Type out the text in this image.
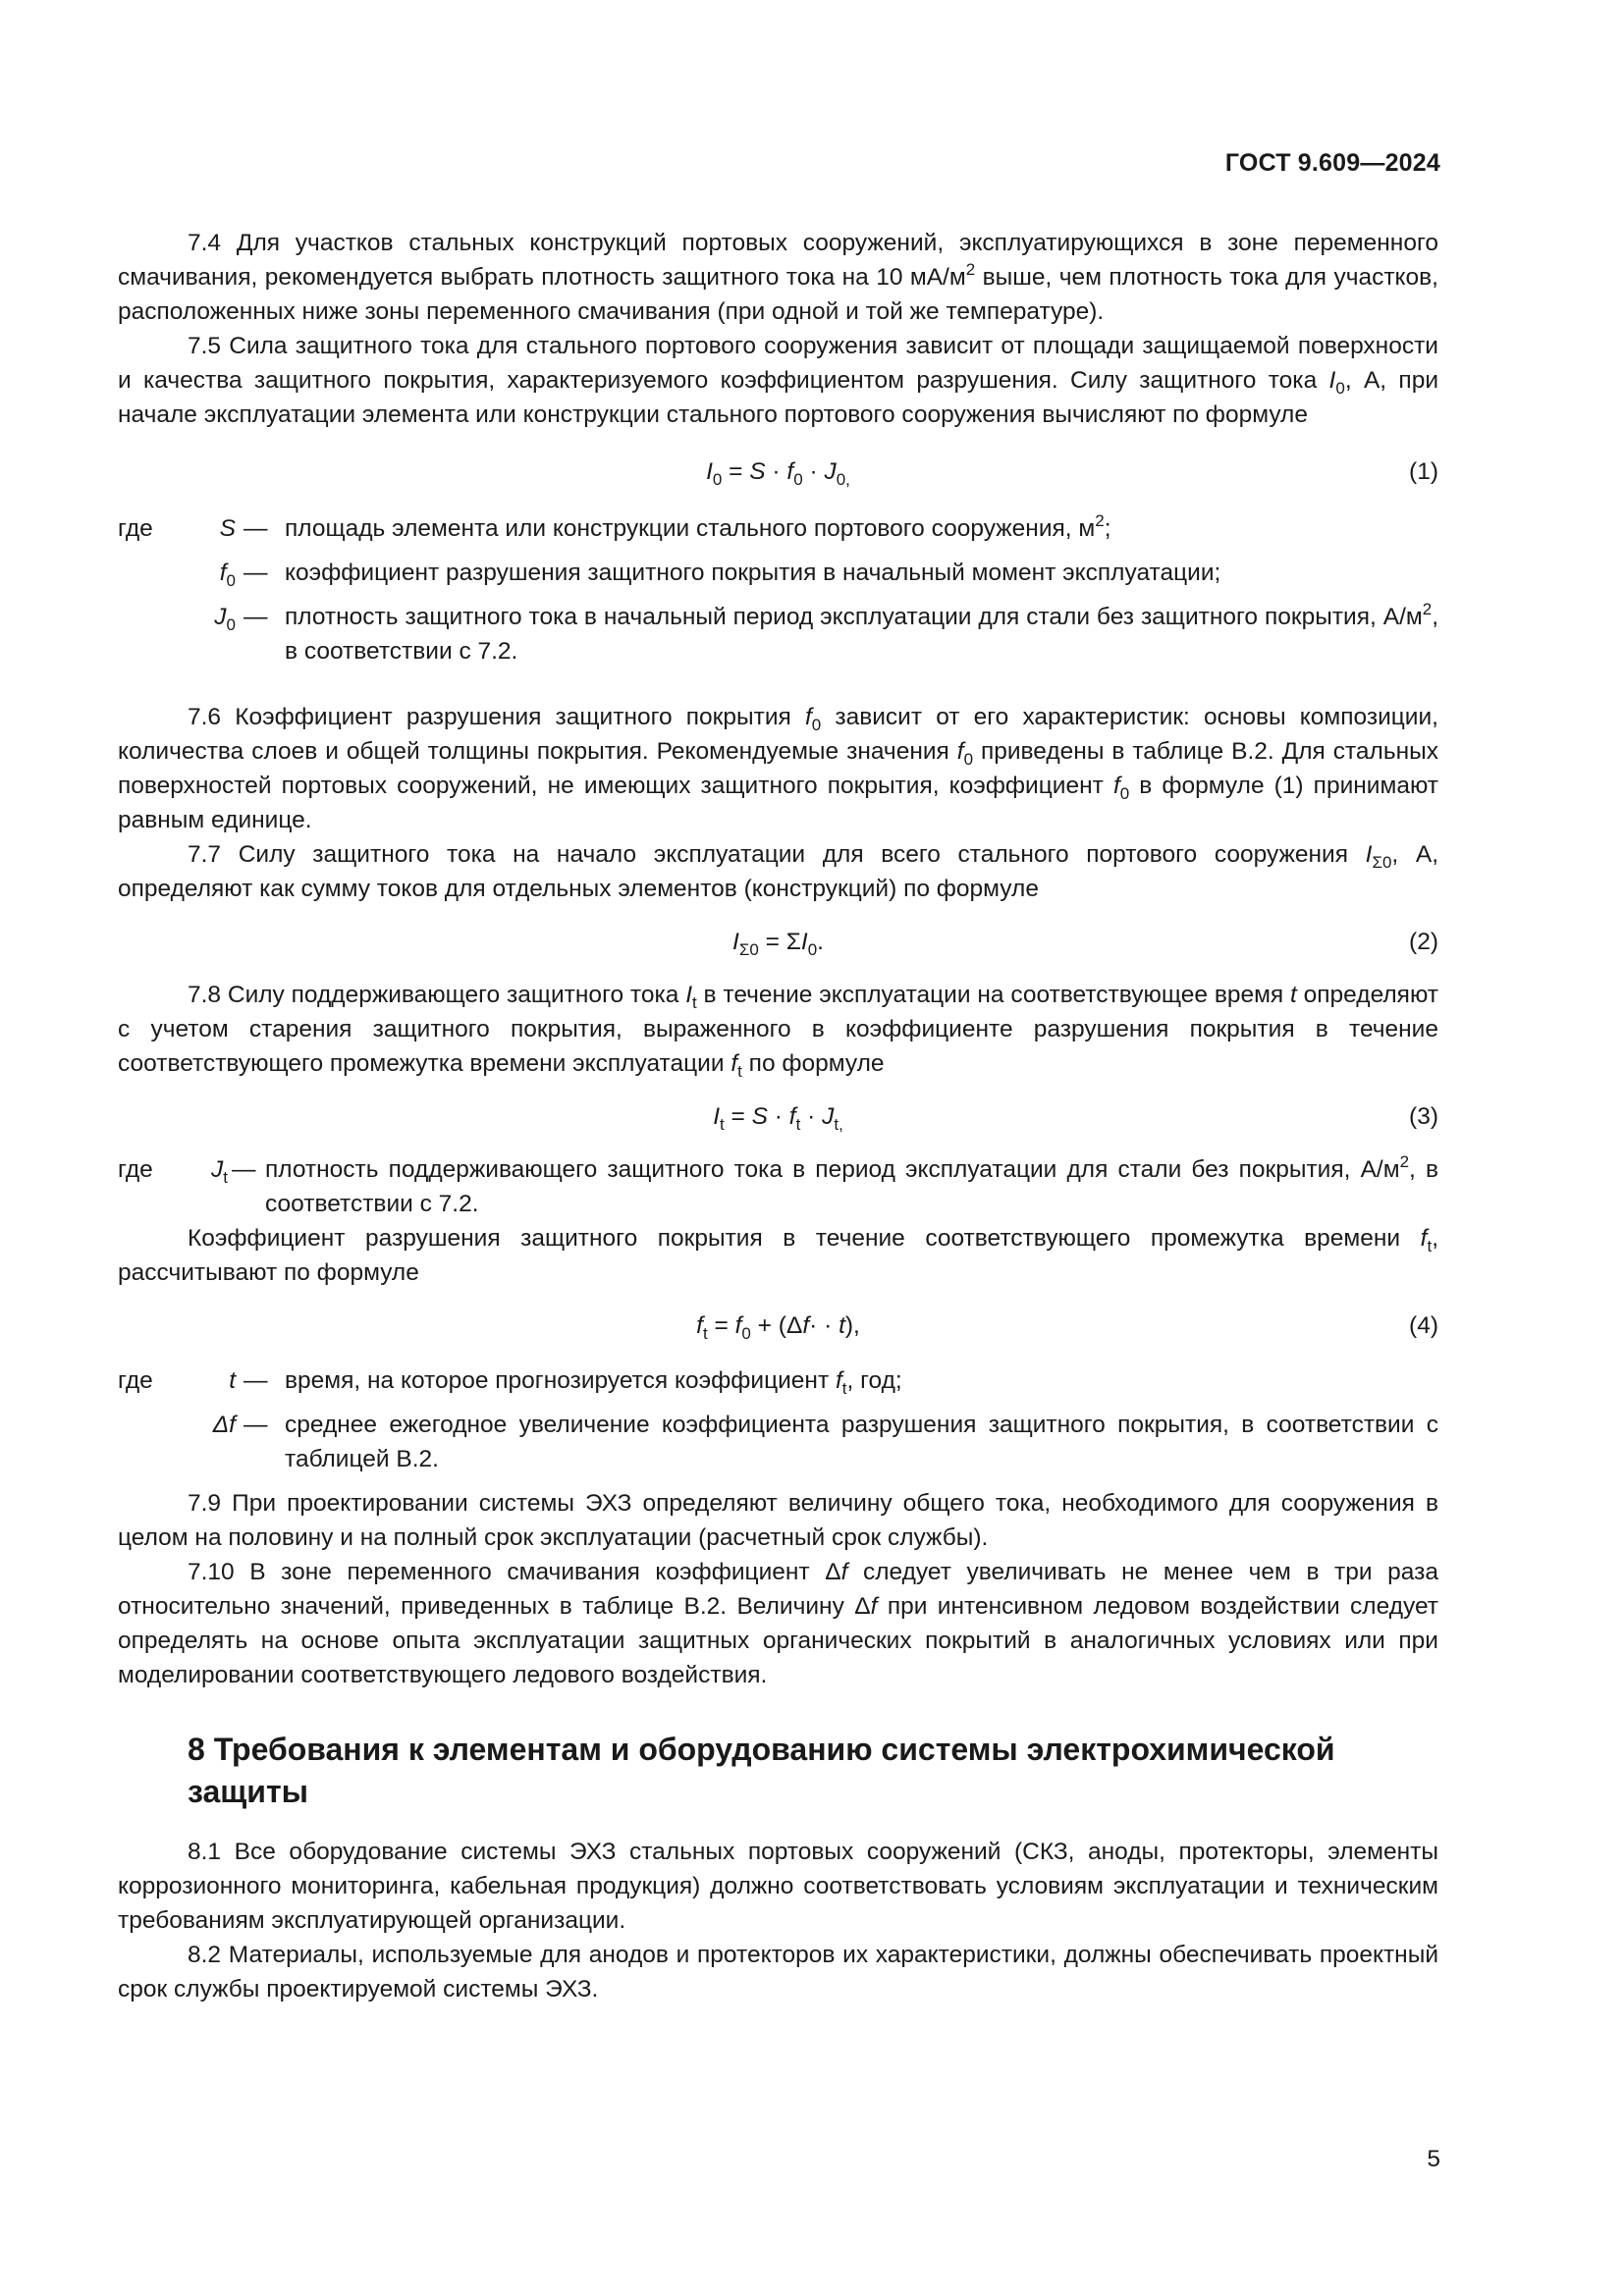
ГОСТ 9.609—2024

7.4 Для участков стальных конструкций портовых сооружений, эксплуатирующихся в зоне переменного смачивания, рекомендуется выбрать плотность защитного тока на 10 $мА/м^2$ выше, чем плотность тока для участков, расположенных ниже зоны переменного смачивания (при одной и той же температуре).

7.5 Сила защитного тока для стального портового сооружения зависит от площади защищаемой поверхности и качества защитного покрытия, характеризуемого коэффициентом разрушения. Силу защитного тока $I_0$, А, при начале эксплуатации элемента или конструкции стального портового сооружения вычисляют по формуле

$I_0 = S \cdot f_0 \cdot J_{0,}$	(1)
где	S — площадь элемента или конструкции стального портового сооружения, $м^2$;
$f_0$ — коэффициент разрушения защитного покрытия в начальный момент эксплуатации;
$J_0$ — плотность защитного тока в начальный период эксплуатации для стали без защитного покрытия, $А/м^2$, в соответствии с 7.2.

7.6 Коэффициент разрушения защитного покрытия $f_0$ зависит от его характеристик: основы композиции, количества слоев и общей толщины покрытия. Рекомендуемые значения $f_0$ приведены в таблице В.2. Для стальных поверхностей портовых сооружений, не имеющих защитного покрытия, коэффициент $f_0$ в формуле (1) принимают равным единице.

7.7 Силу защитного тока на начало эксплуатации для всего стального портового сооружения $I_{\Sigma 0}$, А, определяют как сумму токов для отдельных элементов (конструкций) по формуле

$I_{\Sigma 0} = \Sigma I_0$.	(2)

7.8 Силу поддерживающего защитного тока $I_t$ в течение эксплуатации на соответствующее время t определяют с учетом старения защитного покрытия, выраженного в коэффициенте разрушения покрытия в течение соответствующего промежутка времени эксплуатации $f_t$ по формуле

$I_t = S \cdot f_t \cdot J_{t,}$	(3)
где $J_t$ — плотность поддерживающего защитного тока в период эксплуатации для стали без покрытия, $А/м^2$, в соответствии с 7.2.

Коэффициент разрушения защитного покрытия в течение соответствующего промежутка времени $f_t$, рассчитывают по формуле

$f_t = f_0 + (\Delta f\cdot \cdot t)$,	(4)
где	t — время, на которое прогнозируется коэффициент $f_t$, год;
Δf — среднее ежегодное увеличение коэффициента разрушения защитного покрытия, в соответствии с таблицей В.2.

7.9 При проектировании системы ЭХЗ определяют величину общего тока, необходимого для сооружения в целом на половину и на полный срок эксплуатации (расчетный срок службы).

7.10 В зоне переменного смачивания коэффициент Δf следует увеличивать не менее чем в три раза относительно значений, приведенных в таблице В.2. Величину Δf при интенсивном ледовом воздействии следует определять на основе опыта эксплуатации защитных органических покрытий в аналогичных условиях или при моделировании соответствующего ледового воздействия.

8 Требования к элементам и оборудованию системы электрохимической защиты

8.1 Все оборудование системы ЭХЗ стальных портовых сооружений (СКЗ, аноды, протекторы, элементы коррозионного мониторинга, кабельная продукция) должно соответствовать условиям эксплуатации и техническим требованиям эксплуатирующей организации.

8.2 Материалы, используемые для анодов и протекторов их характеристики, должны обеспечивать проектный срок службы проектируемой системы ЭХЗ.

5
